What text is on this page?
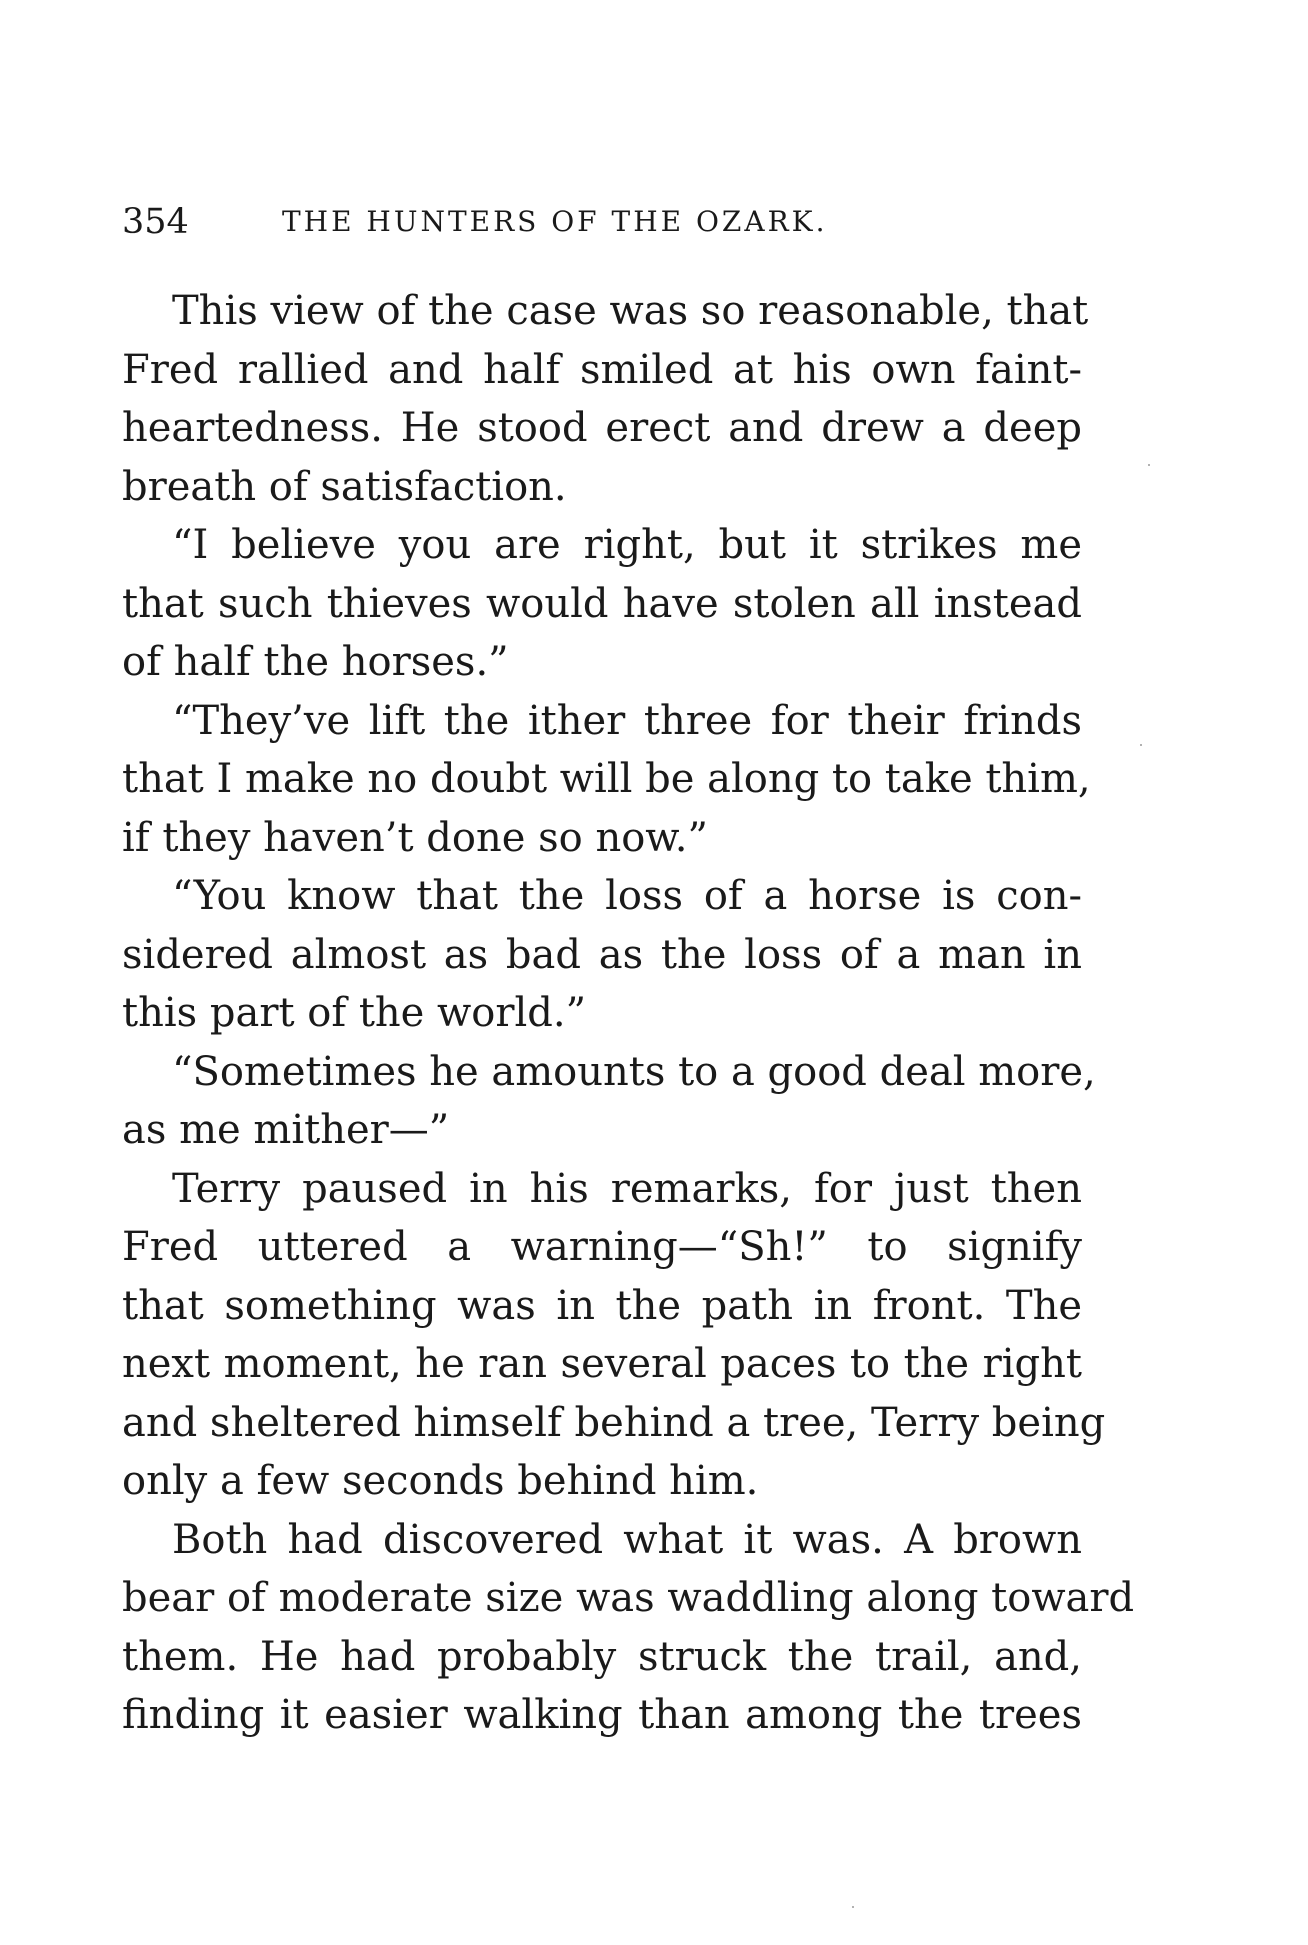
354	THE HUNTERS OF THE OZARK.
This view of the case was so reasonable, that
Fred rallied and half smiled at his own faint-
heartedness. He stood erect and drew a deep
breath of satisfaction.
“I believe you are right, but it strikes me
that such thieves would have stolen all instead
of half the horses.”
“They’ve lift the ither three for their frinds
that I make no doubt will be along to take thim,
if they haven’t done so now.”
“You know that the loss of a horse is con-
sidered almost as bad as the loss of a man in
this part of the world.”
“Sometimes he amounts to a good deal more,
as me mither—”
Terry paused in his remarks, for just then
Fred uttered a warning—“Sh!” to signify
that something was in the path in front. The
next moment, he ran several paces to the right
and sheltered himself behind a tree, Terry being
only a few seconds behind him.
Both had discovered what it was. A brown
bear of moderate size was waddling along toward
them. He had probably struck the trail, and,
finding it easier walking than among the trees
